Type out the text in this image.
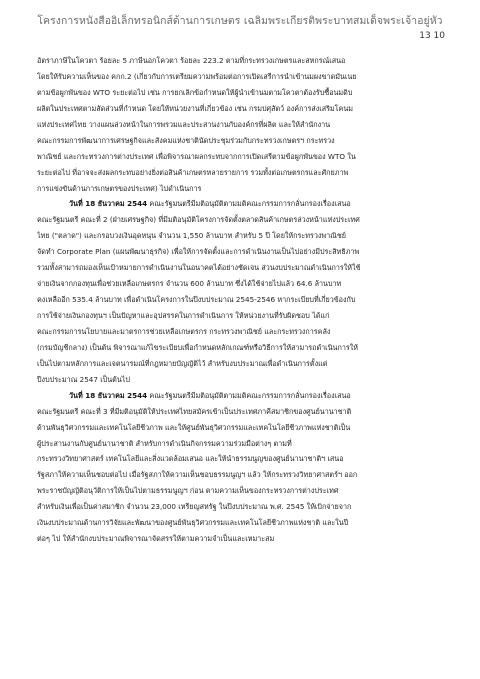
โครงการหนังสืออิเล็กทรอนิกส์ด้านการเกษตร เฉลิมพระเกียรติพระบาทสมเด็จพระเจ้าอยู่หัว
13 10
อัตราภาษีในโควตา ร้อยละ 5 ภาษีนอกโควตา ร้อยละ 223.2 ตามที่กระทรวงเกษตรและสหกรณ์เสนอ
โดยให้รับความเห็นของ คกก.2 (เกี่ยวกับการเตรียมความพร้อมต่อการเปิดเสรีการนำเข้านมผงขาดมันเนย
ตามข้อผูกพันของ WTO ระยะต่อไป เช่น การยกเลิกข้อกำหนดให้ผู้นำเข้านมตามโควตาต้องรับซื้อนมดิบ
ผลิตในประเทศตามสัดส่วนที่กำหนด โดยให้หน่วยงานที่เกี่ยวข้อง เช่น กรมปศุสัตว์ องค์การส่งเสริมโคนม
แห่งประเทศไทย วางแผนล่วงหน้าในการพรวมและประสานงานกับองค์กรที่ผลิต และให้สำนักงาน
คณะกรรมการพัฒนาการเศรษฐกิจและสังคมแห่งชาตินัดประชุมร่วมกับกระทรวงเกษตรฯ กระทรวง
พาณิชย์ และกระทรวงการต่างประเทศ เพื่อพิจารณาผลกระทบจากการเปิดเสรีตามข้อผูกพันของ WTO ใน
ระยะต่อไป ที่อาจจะส่งผลกระทบอย่างยิ่งต่อสินค้าเกษตรหลายรายการ รวมทั้งต่อเกษตรกรและศักยภาพ
การแข่งขันด้านการเกษตรของประเทศ) ไปดำเนินการ
วันที่ 18 ธันวาคม 2544 คณะรัฐมนตรีมีมติอนุมัติตามมติคณะกรรมการกลั่นกรองเรื่องเสนอ
คณะรัฐมนตรี คณะที่ 2 (ฝ่ายเศรษฐกิจ) ที่มีมติอนุมัติโครงการจัดตั้งตลาดสินค้าเกษตรล่วงหน้าแห่งประเทศ
ไทย ("ตลาด") และกรอบวงเงินอุดหนุน จำนวน 1,550 ล้านบาท สำหรับ 5 ปี โดยให้กระทรวงพาณิชย์
จัดทำ Corporate Plan (แผนพัฒนาธุรกิจ) เพื่อให้การจัดตั้งและการดำเนินงานเป็นไปอย่างมีประสิทธิภาพ
รวมทั้งสามารถมองเห็นเป้าหมายการดำเนินงานในอนาคตได้อย่างชัดเจน ส่วนงบประมาณดำเนินการให้ใช้
จ่ายเงินจากกองทุนเพื่อช่วยเหลือเกษตรกร จำนวน 600 ล้านบาท ซึ่งได้ใช้จ่ายไปแล้ว 64.6 ล้านบาท
คงเหลืออีก 535.4 ล้านบาท เพื่อดำเนินโครงการในปีงบประมาณ 2545-2546 หากระเบียบที่เกี่ยวข้องกับ
การใช้จ่ายเงินกองทุนฯ เป็นปัญหาและอุปสรรคในการดำเนินการ ให้หน่วยงานที่รับผิดชอบ ได้แก่
คณะกรรมการนโยบายและมาตรการช่วยเหลือเกษตรกร กระทรวงพาณิชย์ และกระทรวงการคลัง
(กรมบัญชีกลาง) เป็นต้น พิจารณาแก้ไขระเบียบเพื่อกำหนดหลักเกณฑ์หรือวิธีการให้สามารถดำเนินการให้
เป็นไปตามหลักการและเจตนารมณ์ที่กฎหมายบัญญัติไว้ สำหรับงบประมาณเพื่อดำเนินการตั้งแต่
ปีงบประมาณ 2547 เป็นต้นไป
วันที่ 18 ธันวาคม 2544 คณะรัฐมนตรีมีมติอนุมัติตามมติคณะกรรมการกลั่นกรองเรื่องเสนอ
คณะรัฐมนตรี คณะที่ 3 ที่มีมติอนุมัติให้ประเทศไทยสมัครเข้าเป็นประเทศภาคีสมาชิกของศูนย์นานาชาติ
ด้านพันธุวิศวกรรมและเทคโนโลยีชีวภาพ และให้ศูนย์พันธุวิศวกรรมและเทคโนโลยีชีวภาพแห่งชาติเป็น
ผู้ประสานงานกับศูนย์นานาชาติ สำหรับการดำเนินกิจกรรมความร่วมมือต่างๆ ตามที่
กระทรวงวิทยาศาสตร์ เทคโนโลยีและสิ่งแวดล้อมเสนอ และให้นำธรรมนูญของศูนย์นานาชาติฯ เสนอ
รัฐสภาให้ความเห็นชอบต่อไป เมื่อรัฐสภาให้ความเห็นชอบธรรมนูญฯ แล้ว ให้กระทรวงวิทยาศาสตร์ฯ ออก
พระราชบัญญัติอนุวัติการให้เป็นไปตามธรรมนูญฯ ก่อน ตามความเห็นของกระทรวงการต่างประเทศ
สำหรับเงินเพื่อเป็นค่าสมาชิก จำนวน 23,000 เหรียญสหรัฐ ในปีงบประมาณ พ.ศ. 2545 ให้เบิกจ่ายจาก
เงินงบประมาณด้านการวิจัยและพัฒนาของศูนย์พันธุวิศวกรรมและเทคโนโลยีชีวภาพแห่งชาติ และในปี
ต่อๆ ไป ให้สำนักงบประมาณพิจารณาจัดสรรให้ตามความจำเป็นและเหมาะสม
